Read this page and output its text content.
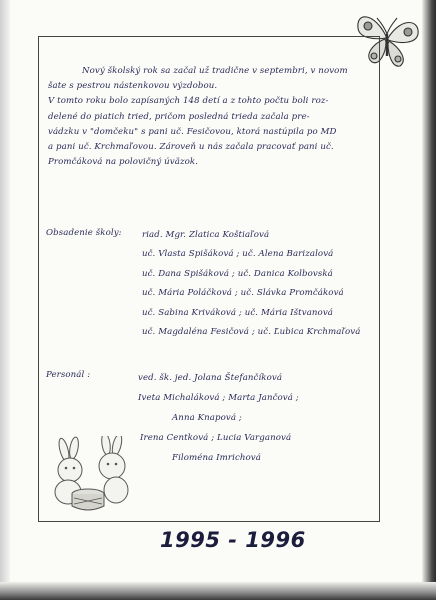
Nový školský rok sa začal už tradične v septembri, v novom
šate s pestrou nástenkovou výzdobou.
V tomto roku bolo zapísaných 148 detí a z tohto počtu boli roz-
delené do piatich tried, pričom posledná trieda začala pre-
vádzku v "domčeku" s pani uč. Fesičovou, ktorá nastúpila po MD
a pani uč. Krchmaľovou. Zároveň u nás začala pracovať pani uč.
Promčáková na polovičný úväzok.
Obsadenie školy: riad. Mgr. Zlatica Koštiaľová
uč. Vlasta Spišáková ; uč. Alena Barizalová
uč. Dana Spišáková ; uč. Danica Kolbovská
uč. Mária Poláčková ; uč. Slávka Promčáková
uč. Sabina Kriváková ; uč. Mária Ištvanová
uč. Magdaléna Fesičová ; uč. Ľubica Krchmaľová
Personál :	ved. šk. jed. Jolana Štefančíková
Iveta Michaláková ; Marta Jančová ;
Anna Knapová ;
Irena Centková ; Lucia Varganová
Filoména Imrichová
1995 - 1996
